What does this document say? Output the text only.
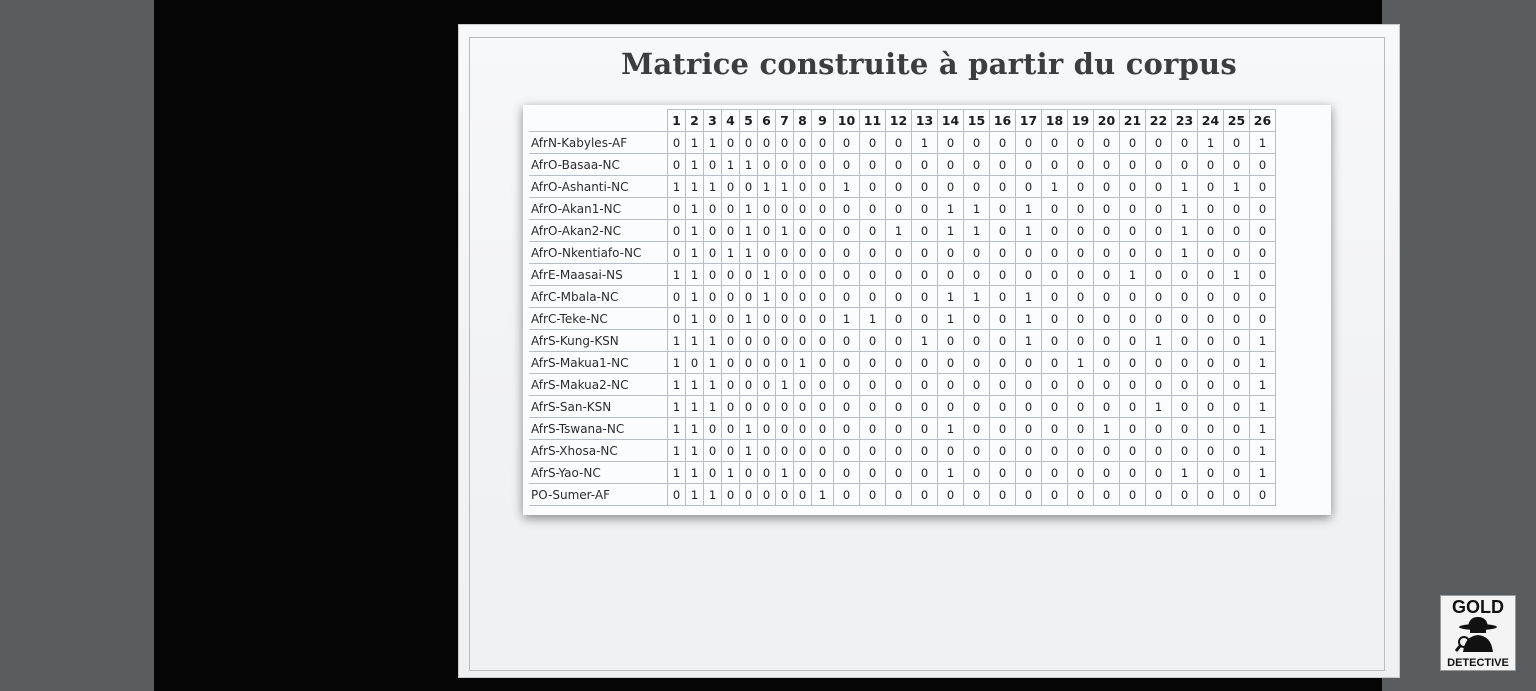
Matrice construite à partir du corpus
	1	2	3	4	5	6	7	8	9	10	11	12	13	14	15	16	17	18	19	20	21	22	23	24	25	26
AfrN-Kabyles-AF	0	1	1	0	0	0	0	0	0	0	0	0	1	0	0	0	0	0	0	0	0	0	0	1	0	1
AfrO-Basaa-NC	0	1	0	1	1	0	0	0	0	0	0	0	0	0	0	0	0	0	0	0	0	0	0	0	0	0
AfrO-Ashanti-NC	1	1	1	0	0	1	1	0	0	1	0	0	0	0	0	0	0	1	0	0	0	0	1	0	1	0
AfrO-Akan1-NC	0	1	0	0	1	0	0	0	0	0	0	0	0	1	1	0	1	0	0	0	0	0	1	0	0	0
AfrO-Akan2-NC	0	1	0	0	1	0	1	0	0	0	0	1	0	1	1	0	1	0	0	0	0	0	1	0	0	0
AfrO-Nkentiafo-NC	0	1	0	1	1	0	0	0	0	0	0	0	0	0	0	0	0	0	0	0	0	0	1	0	0	0
AfrE-Maasai-NS	1	1	0	0	0	1	0	0	0	0	0	0	0	0	0	0	0	0	0	0	1	0	0	0	1	0
AfrC-Mbala-NC	0	1	0	0	0	1	0	0	0	0	0	0	0	1	1	0	1	0	0	0	0	0	0	0	0	0
AfrC-Teke-NC	0	1	0	0	1	0	0	0	0	1	1	0	0	1	0	0	1	0	0	0	0	0	0	0	0	0
AfrS-Kung-KSN	1	1	1	0	0	0	0	0	0	0	0	0	1	0	0	0	1	0	0	0	0	1	0	0	0	1
AfrS-Makua1-NC	1	0	1	0	0	0	0	1	0	0	0	0	0	0	0	0	0	0	1	0	0	0	0	0	0	1
AfrS-Makua2-NC	1	1	1	0	0	0	1	0	0	0	0	0	0	0	0	0	0	0	0	0	0	0	0	0	0	1
AfrS-San-KSN	1	1	1	0	0	0	0	0	0	0	0	0	0	0	0	0	0	0	0	0	0	1	0	0	0	1
AfrS-Tswana-NC	1	1	0	0	1	0	0	0	0	0	0	0	0	1	0	0	0	0	0	1	0	0	0	0	0	1
AfrS-Xhosa-NC	1	1	0	0	1	0	0	0	0	0	0	0	0	0	0	0	0	0	0	0	0	0	0	0	0	1
AfrS-Yao-NC	1	1	0	1	0	0	1	0	0	0	0	0	0	1	0	0	0	0	0	0	0	0	1	0	0	1
PO-Sumer-AF	0	1	1	0	0	0	0	0	1	0	0	0	0	0	0	0	0	0	0	0	0	0	0	0	0	0
GOLD
DETECTIVE
